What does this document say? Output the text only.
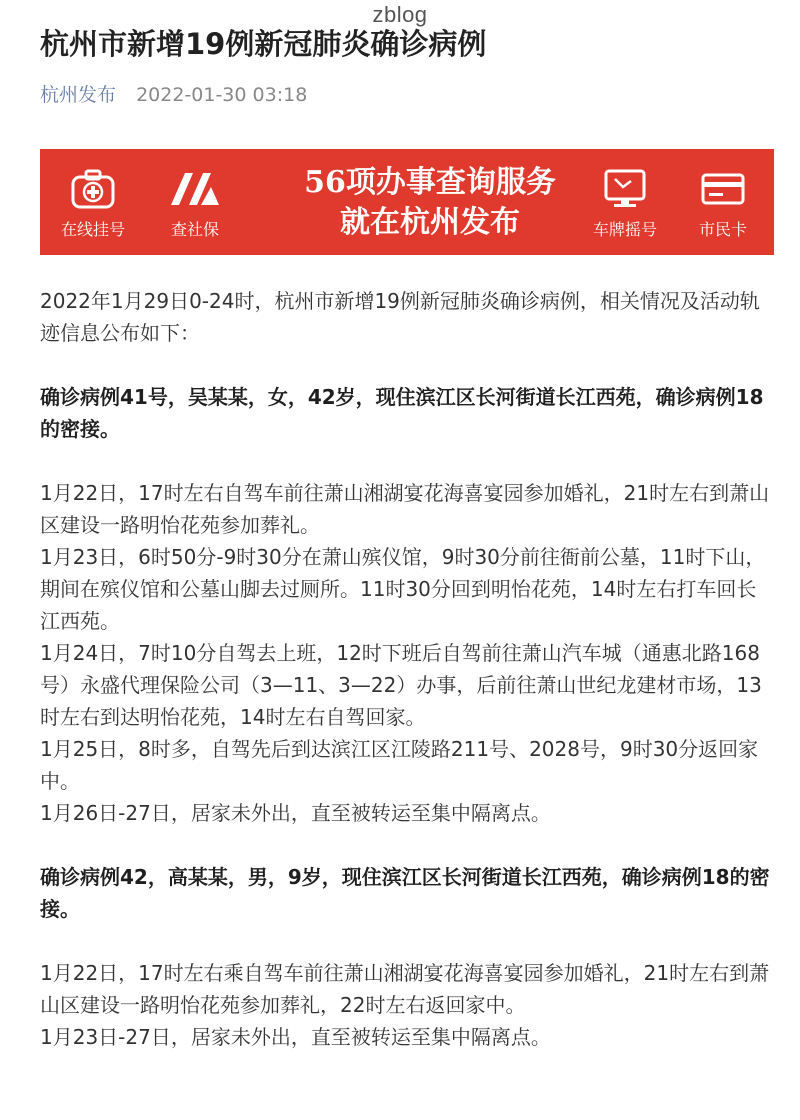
zblog
杭州市新增19例新冠肺炎确诊病例
杭州发布 2022-01-30 03:18
在线挂号	查社保
56项办事查询服务
就在杭州发布	车牌摇号	市民卡

2022年1月29日0-24时，杭州市新增19例新冠肺炎确诊病例，相关情况及活动轨迹信息公布如下：

确诊病例41号，吴某某，女，42岁，现住滨江区长河街道长江西苑，确诊病例18的密接。

1月22日，17时左右自驾车前往萧山湘湖宴花海喜宴园参加婚礼，21时左右到萧山区建设一路明怡花苑参加葬礼。

1月23日，6时50分-9时30分在萧山殡仪馆，9时30分前往衙前公墓，11时下山，期间在殡仪馆和公墓山脚去过厕所。11时30分回到明怡花苑，14时左右打车回长江西苑。

1月24日，7时10分自驾去上班，12时下班后自驾前往萧山汽车城（通惠北路168号）永盛代理保险公司（3—11、3—22）办事，后前往萧山世纪龙建材市场，13时左右到达明怡花苑，14时左右自驾回家。

1月25日，8时多，自驾先后到达滨江区江陵路211号、2028号，9时30分返回家中。

1月26日-27日，居家未外出，直至被转运至集中隔离点。

确诊病例42，高某某，男，9岁，现住滨江区长河街道长江西苑，确诊病例18的密接。

1月22日，17时左右乘自驾车前往萧山湘湖宴花海喜宴园参加婚礼，21时左右到萧山区建设一路明怡花苑参加葬礼，22时左右返回家中。

1月23日-27日，居家未外出，直至被转运至集中隔离点。
